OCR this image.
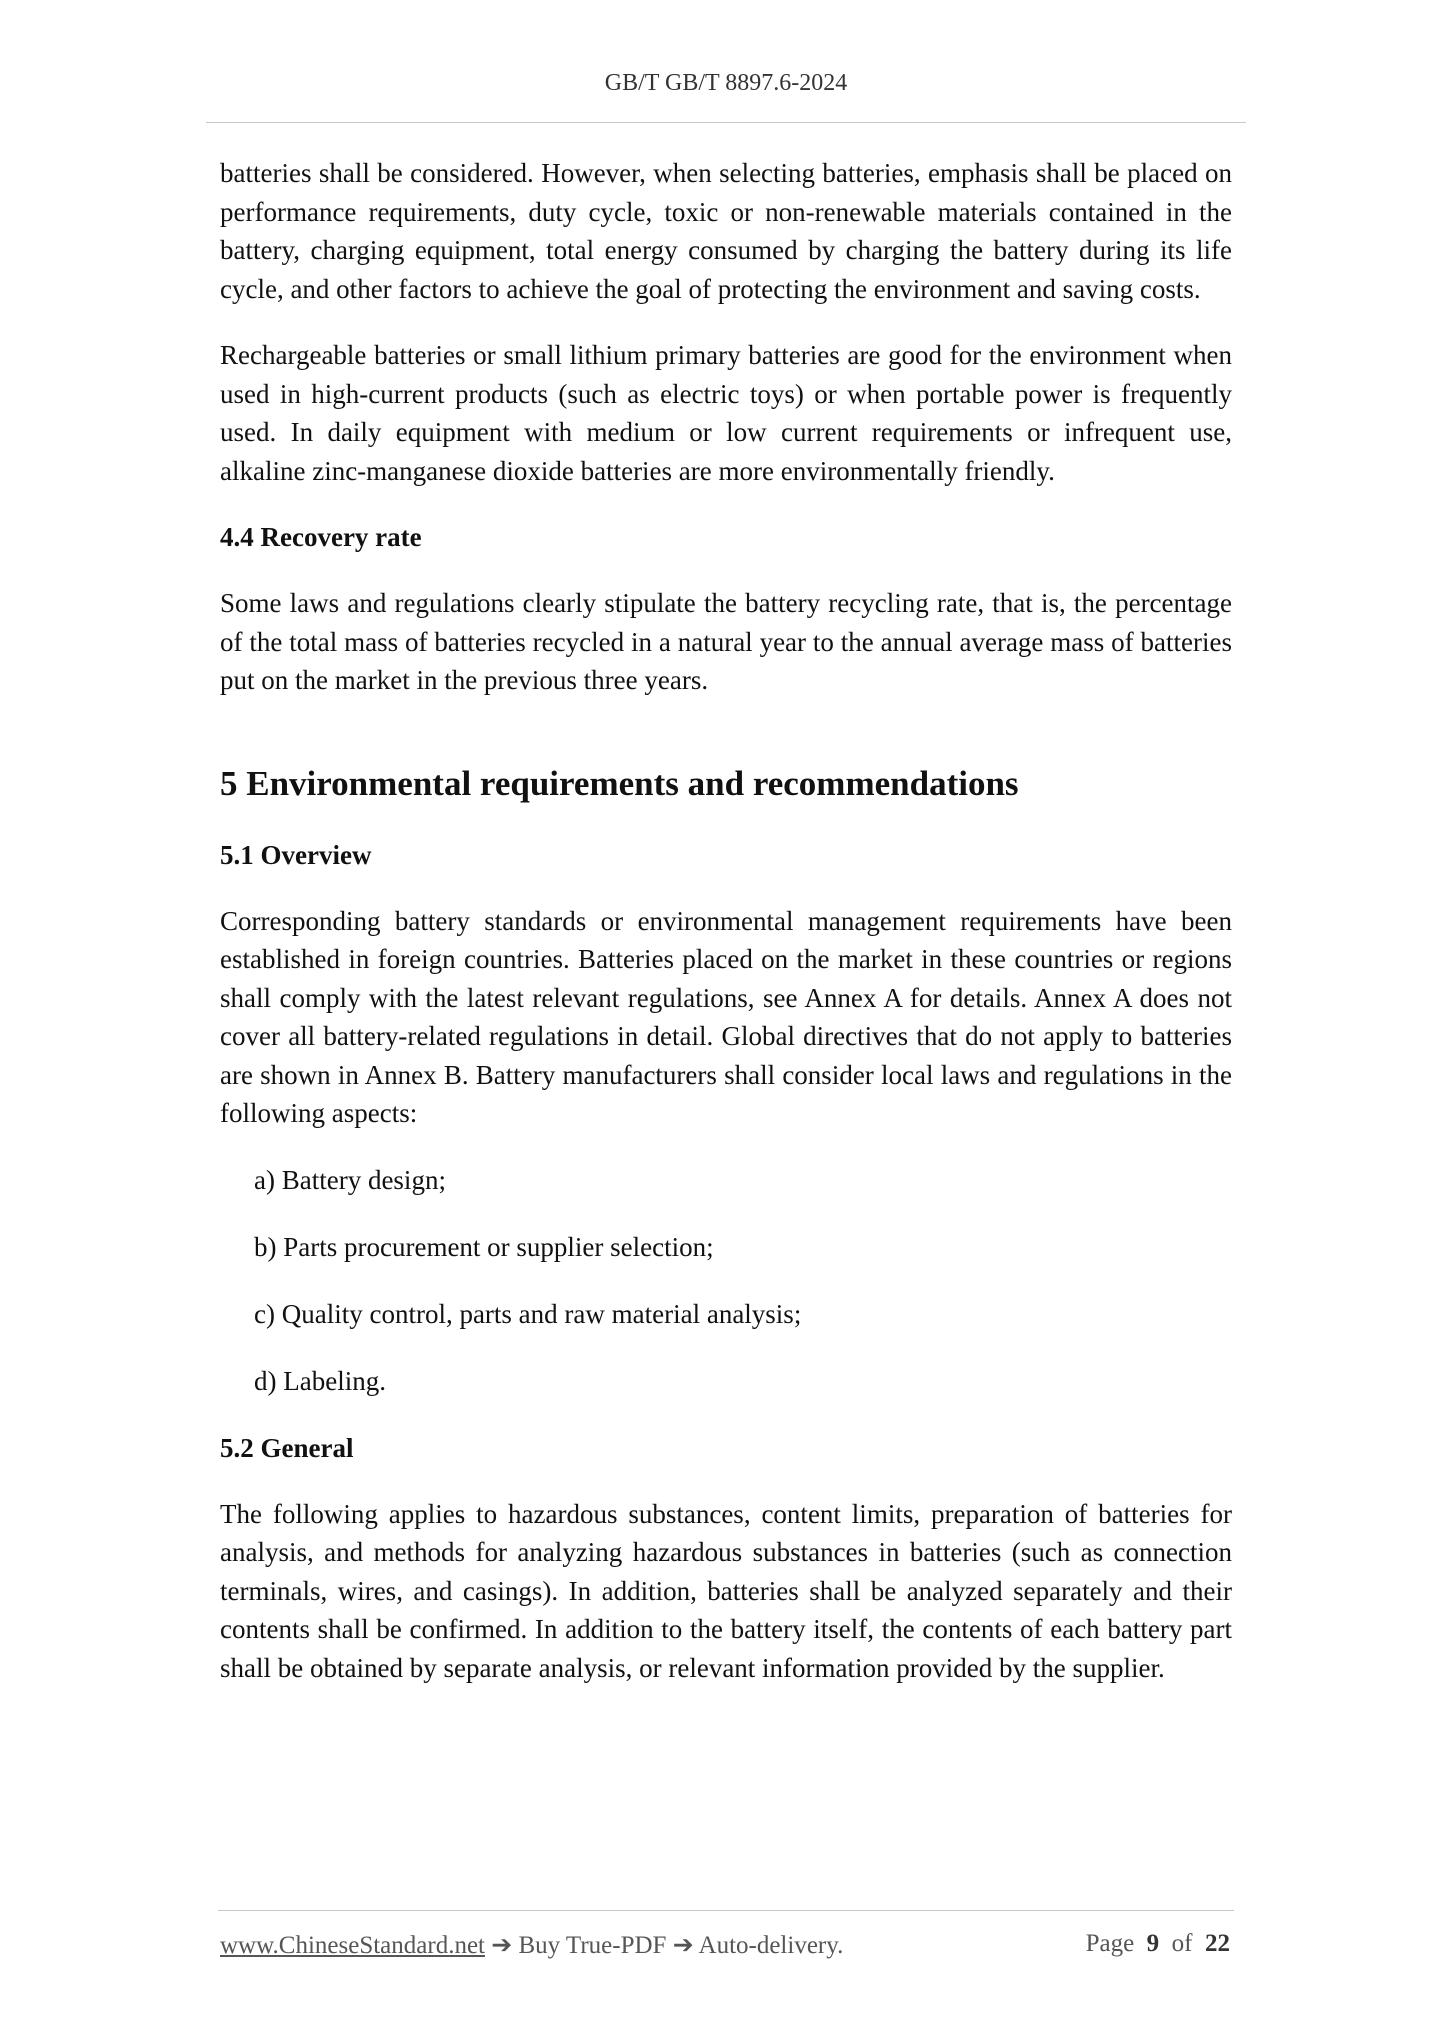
GB/T GB/T 8897.6-2024

batteries shall be considered. However, when selecting batteries, emphasis shall be placed on performance requirements, duty cycle, toxic or non-renewable materials contained in the battery, charging equipment, total energy consumed by charging the battery during its life cycle, and other factors to achieve the goal of protecting the environment and saving costs.

Rechargeable batteries or small lithium primary batteries are good for the environment when used in high-current products (such as electric toys) or when portable power is frequently used. In daily equipment with medium or low current requirements or infrequent use, alkaline zinc-manganese dioxide batteries are more environmentally friendly.

4.4 Recovery rate

Some laws and regulations clearly stipulate the battery recycling rate, that is, the percentage of the total mass of batteries recycled in a natural year to the annual average mass of batteries put on the market in the previous three years.

5 Environmental requirements and recommendations
5.1 Overview

Corresponding battery standards or environmental management requirements have been established in foreign countries. Batteries placed on the market in these countries or regions shall comply with the latest relevant regulations, see Annex A for details. Annex A does not cover all battery-related regulations in detail. Global directives that do not apply to batteries are shown in Annex B. Battery manufacturers shall consider local laws and regulations in the following aspects:

a) Battery design;
b) Parts procurement or supplier selection;
c) Quality control, parts and raw material analysis;
d) Labeling.
5.2 General

The following applies to hazardous substances, content limits, preparation of batteries for analysis, and methods for analyzing hazardous substances in batteries (such as connection terminals, wires, and casings). In addition, batteries shall be analyzed separately and their contents shall be confirmed. In addition to the battery itself, the contents of each battery part shall be obtained by separate analysis, or relevant information provided by the supplier.

www.ChineseStandard.net ➔ Buy True-PDF ➔ Auto-delivery.	Page 9 of 22
